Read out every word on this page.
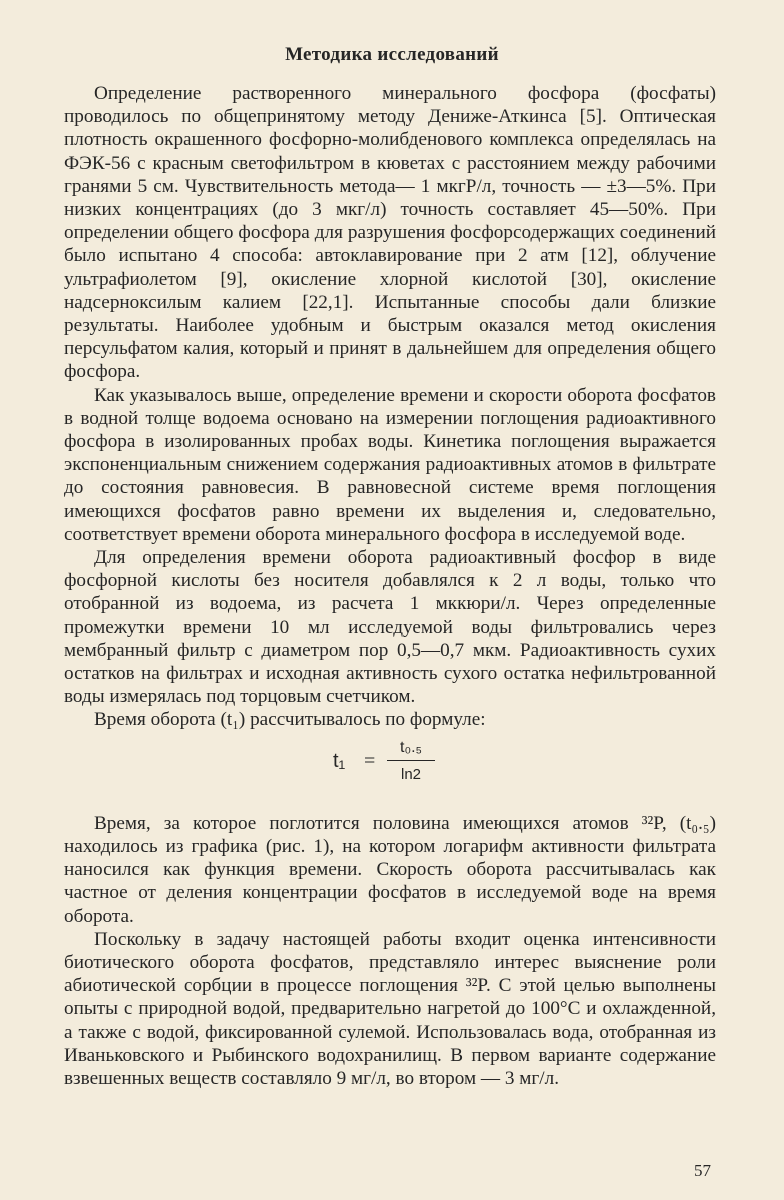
Методика исследований

Определение растворенного минерального фосфора (фосфаты) проводилось по общепринятому методу Дениже-Аткинса [5]. Оптическая плотность окрашенного фосфорно-молибденового комплекса определялась на ФЭК-56 с красным светофильтром в кюветах с расстоянием между рабочими гранями 5 см. Чувствительность метода— 1 мкгР/л, точность — ±3—5%. При низких концентрациях (до 3 мкг/л) точность составляет 45—50%. При определении общего фосфора для разрушения фосфорсодержащих соединений было испытано 4 способа: автоклавирование при 2 атм [12], облучение ультрафиолетом [9], окисление хлорной кислотой [30], окисление надсерноксилым калием [22,1]. Испытанные способы дали близкие результаты. Наиболее удобным и быстрым оказался метод окисления персульфатом калия, который и принят в дальнейшем для определения общего фосфора.

Как указывалось выше, определение времени и скорости оборота фосфатов в водной толще водоема основано на измерении поглощения радиоактивного фосфора в изолированных пробах воды. Кинетика поглощения выражается экспоненциальным снижением содержания радиоактивных атомов в фильтрате до состояния равновесия. В равновесной системе время поглощения имеющихся фосфатов равно времени их выделения и, следовательно, соответствует времени оборота минерального фосфора в исследуемой воде.

Для определения времени оборота радиоактивный фосфор в виде фосфорной кислоты без носителя добавлялся к 2 л воды, только что отобранной из водоема, из расчета 1 мккюри/л. Через определенные промежутки времени 10 мл исследуемой воды фильтровались через мембранный фильтр с диаметром пор 0,5—0,7 мкм. Радиоактивность сухих остатков на фильтрах и исходная активность сухого остатка нефильтрованной воды измерялась под торцовым счетчиком.

Время оборота (t₁) рассчитывалось по формуле:

t₁ =
t₀.₅
ln2

Время, за которое поглотится половина имеющихся атомов ³²P, (t₀.₅) находилось из графика (рис. 1), на котором логарифм активности фильтрата наносился как функция времени. Скорость оборота рассчитывалась как частное от деления концентрации фосфатов в исследуемой воде на время оборота.

Поскольку в задачу настоящей работы входит оценка интенсивности биотического оборота фосфатов, представляло интерес выяснение роли абиотической сорбции в процессе поглощения ³²P. С этой целью выполнены опыты с природной водой, предварительно нагретой до 100°C и охлажденной, а также с водой, фиксированной сулемой. Использовалась вода, отобранная из Иваньковского и Рыбинского водохранилищ. В первом варианте содержание взвешенных веществ составляло 9 мг/л, во втором — 3 мг/л.

57
